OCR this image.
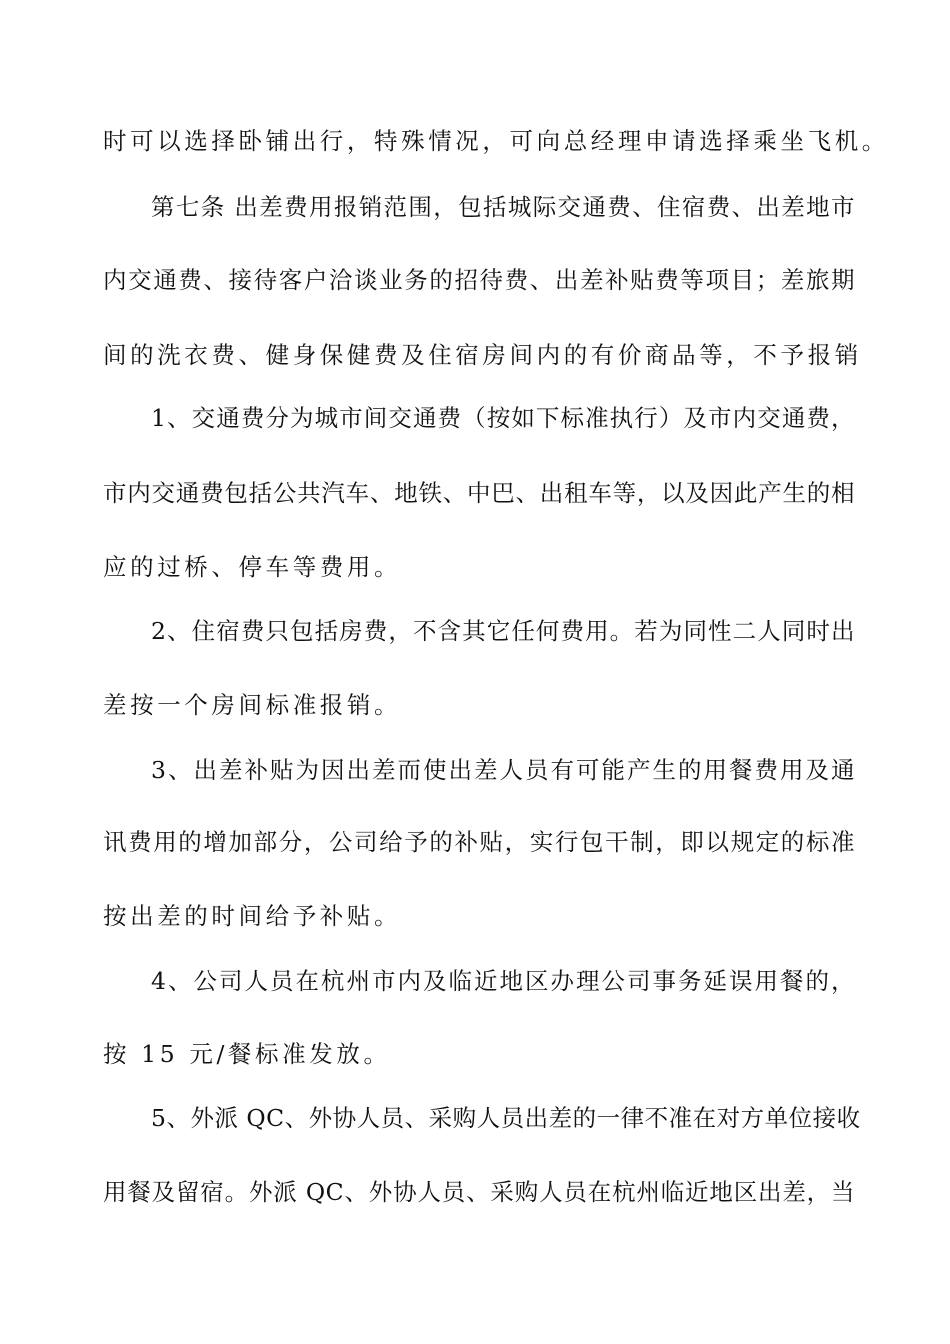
时可以选择卧铺出行，特殊情况，可向总经理申请选择乘坐飞机。
第七条 出差费用报销范围，包括城际交通费、住宿费、出差地市
内交通费、接待客户洽谈业务的招待费、出差补贴费等项目；差旅期
间的洗衣费、健身保健费及住宿房间内的有价商品等，不予报销
1、交通费分为城市间交通费（按如下标准执行）及市内交通费，
市内交通费包括公共汽车、地铁、中巴、出租车等，以及因此产生的相
应的过桥、停车等费用。
2、住宿费只包括房费，不含其它任何费用。若为同性二人同时出
差按一个房间标准报销。
3、出差补贴为因出差而使出差人员有可能产生的用餐费用及通
讯费用的增加部分，公司给予的补贴，实行包干制，即以规定的标准
按出差的时间给予补贴。
4、公司人员在杭州市内及临近地区办理公司事务延误用餐的，
按 15 元/餐标准发放。
5、外派 QC、外协人员、采购人员出差的一律不准在对方单位接收
用餐及留宿。外派 QC、外协人员、采购人员在杭州临近地区出差，当
